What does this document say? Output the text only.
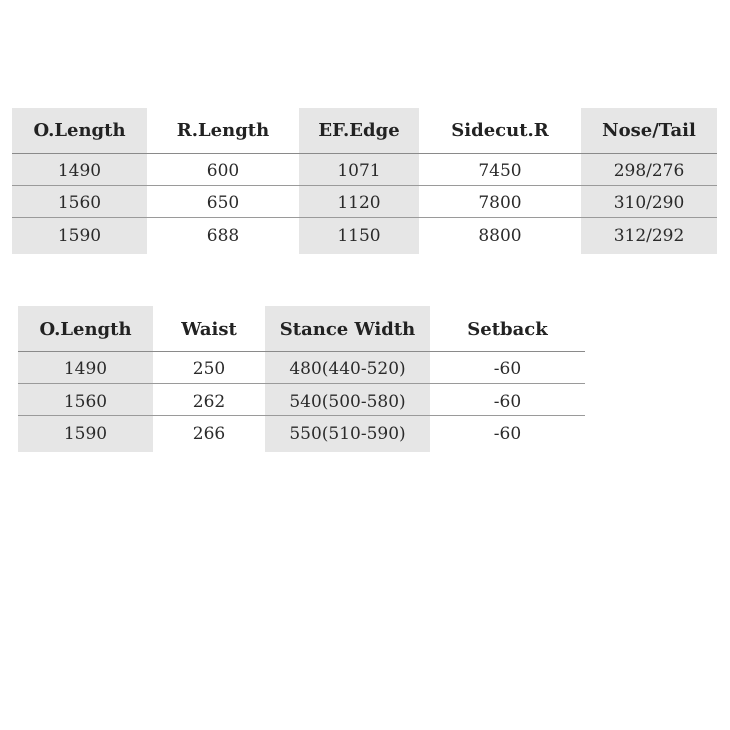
O.Length	R.Length	EF.Edge	Sidecut.R	Nose/Tail
1490	600	1071	7450	298/276
1560	650	1120	7800	310/290
1590	688	1150	8800	312/292
O.Length	Waist	Stance Width	Setback
1490	250	480(440-520)	-60
1560	262	540(500-580)	-60
1590	266	550(510-590)	-60
